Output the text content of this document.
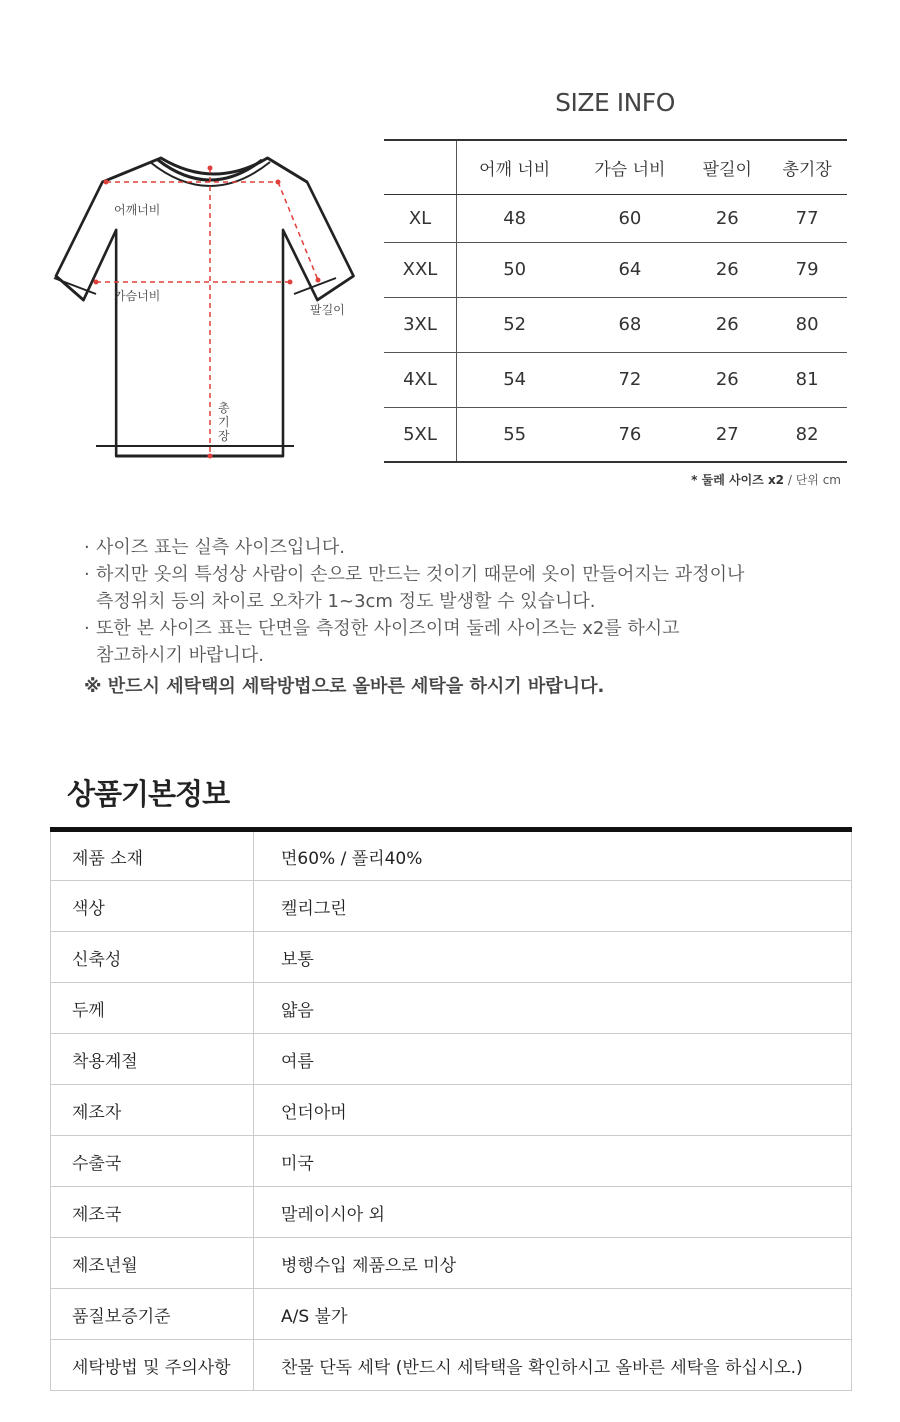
SIZE INFO
어깨너비
가슴너비
팔길이
총
기
장
	어깨 너비	가슴 너비	팔길이	총기장
XL	48	60	26	77
XXL	50	64	26	79
3XL	52	68	26	80
4XL	54	72	26	81
5XL	55	76	27	82
* 둘레 사이즈 x2 / 단위 cm
· 사이즈 표는 실측 사이즈입니다.
· 하지만 옷의 특성상 사람이 손으로 만드는 것이기 때문에 옷이 만들어지는 과정이나
측정위치 등의 차이로 오차가 1~3cm 정도 발생할 수 있습니다.
· 또한 본 사이즈 표는 단면을 측정한 사이즈이며 둘레 사이즈는 x2를 하시고
참고하시기 바랍니다.
※ 반드시 세탁택의 세탁방법으로 올바른 세탁을 하시기 바랍니다.
상품기본정보
제품 소재	면60% / 폴리40%
색상	켈리그린
신축성	보통
두께	얇음
착용계절	여름
제조자	언더아머
수출국	미국
제조국	말레이시아 외
제조년월	병행수입 제품으로 미상
품질보증기준	A/S 불가
세탁방법 및 주의사항	찬물 단독 세탁 (반드시 세탁택을 확인하시고 올바른 세탁을 하십시오.)
